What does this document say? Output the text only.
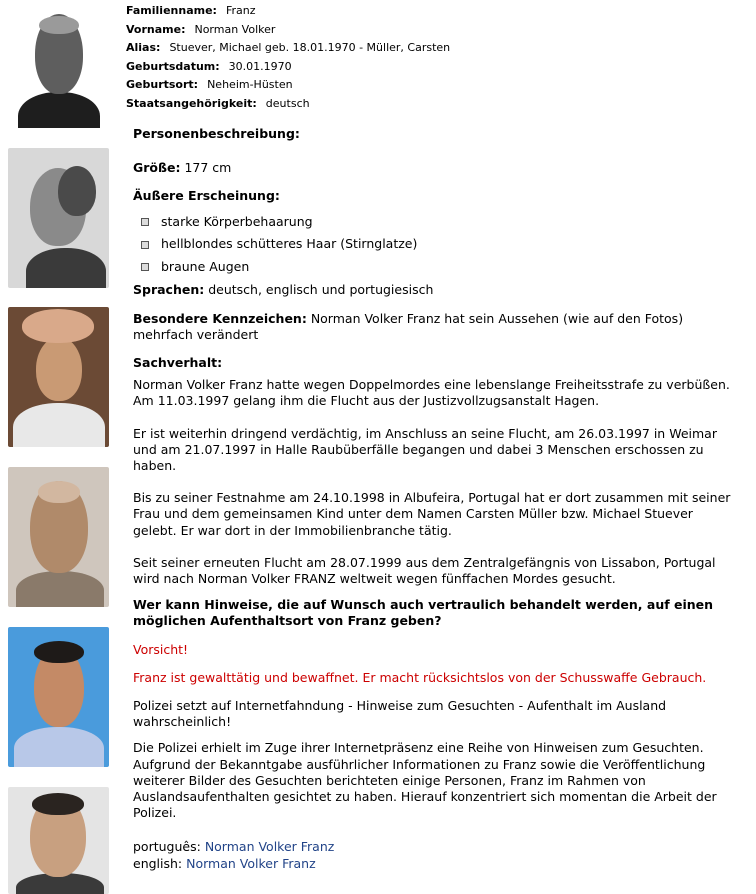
Familienname: Franz
Vorname: Norman Volker
Alias: Stuever, Michael geb. 18.01.1970 - Müller, Carsten
Geburtsdatum: 30.01.1970
Geburtsort: Neheim-Hüsten
Staatsangehörigkeit: deutsch

Personenbeschreibung:

Größe: 177 cm

Äußere Erscheinung:

starke Körperbehaarung
hellblondes schütteres Haar (Stirnglatze)
braune Augen

Sprachen: deutsch, englisch und portugiesisch

Besondere Kennzeichen: Norman Volker Franz hat sein Aussehen (wie auf den Fotos) mehrfach verändert

Sachverhalt:

Norman Volker Franz hatte wegen Doppelmordes eine lebenslange Freiheitsstrafe zu verbüßen. Am 11.03.1997 gelang ihm die Flucht aus der Justizvollzugsanstalt Hagen.

Er ist weiterhin dringend verdächtig, im Anschluss an seine Flucht, am 26.03.1997 in Weimar und am 21.07.1997 in Halle Raubüberfälle begangen und dabei 3 Menschen erschossen zu haben.

Bis zu seiner Festnahme am 24.10.1998 in Albufeira, Portugal hat er dort zusammen mit seiner Frau und dem gemeinsamen Kind unter dem Namen Carsten Müller bzw. Michael Stuever gelebt. Er war dort in der Immobilienbranche tätig.

Seit seiner erneuten Flucht am 28.07.1999 aus dem Zentralgefängnis von Lissabon, Portugal wird nach Norman Volker FRANZ weltweit wegen fünffachen Mordes gesucht.

Wer kann Hinweise, die auf Wunsch auch vertraulich behandelt werden, auf einen möglichen Aufenthaltsort von Franz geben?

Vorsicht!

Franz ist gewalttätig und bewaffnet. Er macht rücksichtslos von der Schusswaffe Gebrauch.

Polizei setzt auf Internetfahndung - Hinweise zum Gesuchten - Aufenthalt im Ausland wahrscheinlich!

Die Polizei erhielt im Zuge ihrer Internetpräsenz eine Reihe von Hinweisen zum Gesuchten. Aufgrund der Bekanntgabe ausführlicher Informationen zu Franz sowie die Veröffentlichung weiterer Bilder des Gesuchten berichteten einige Personen, Franz im Rahmen von Auslandsaufenthalten gesichtet zu haben. Hierauf konzentriert sich momentan die Arbeit der Polizei.

português: Norman Volker Franz

english: Norman Volker Franz
